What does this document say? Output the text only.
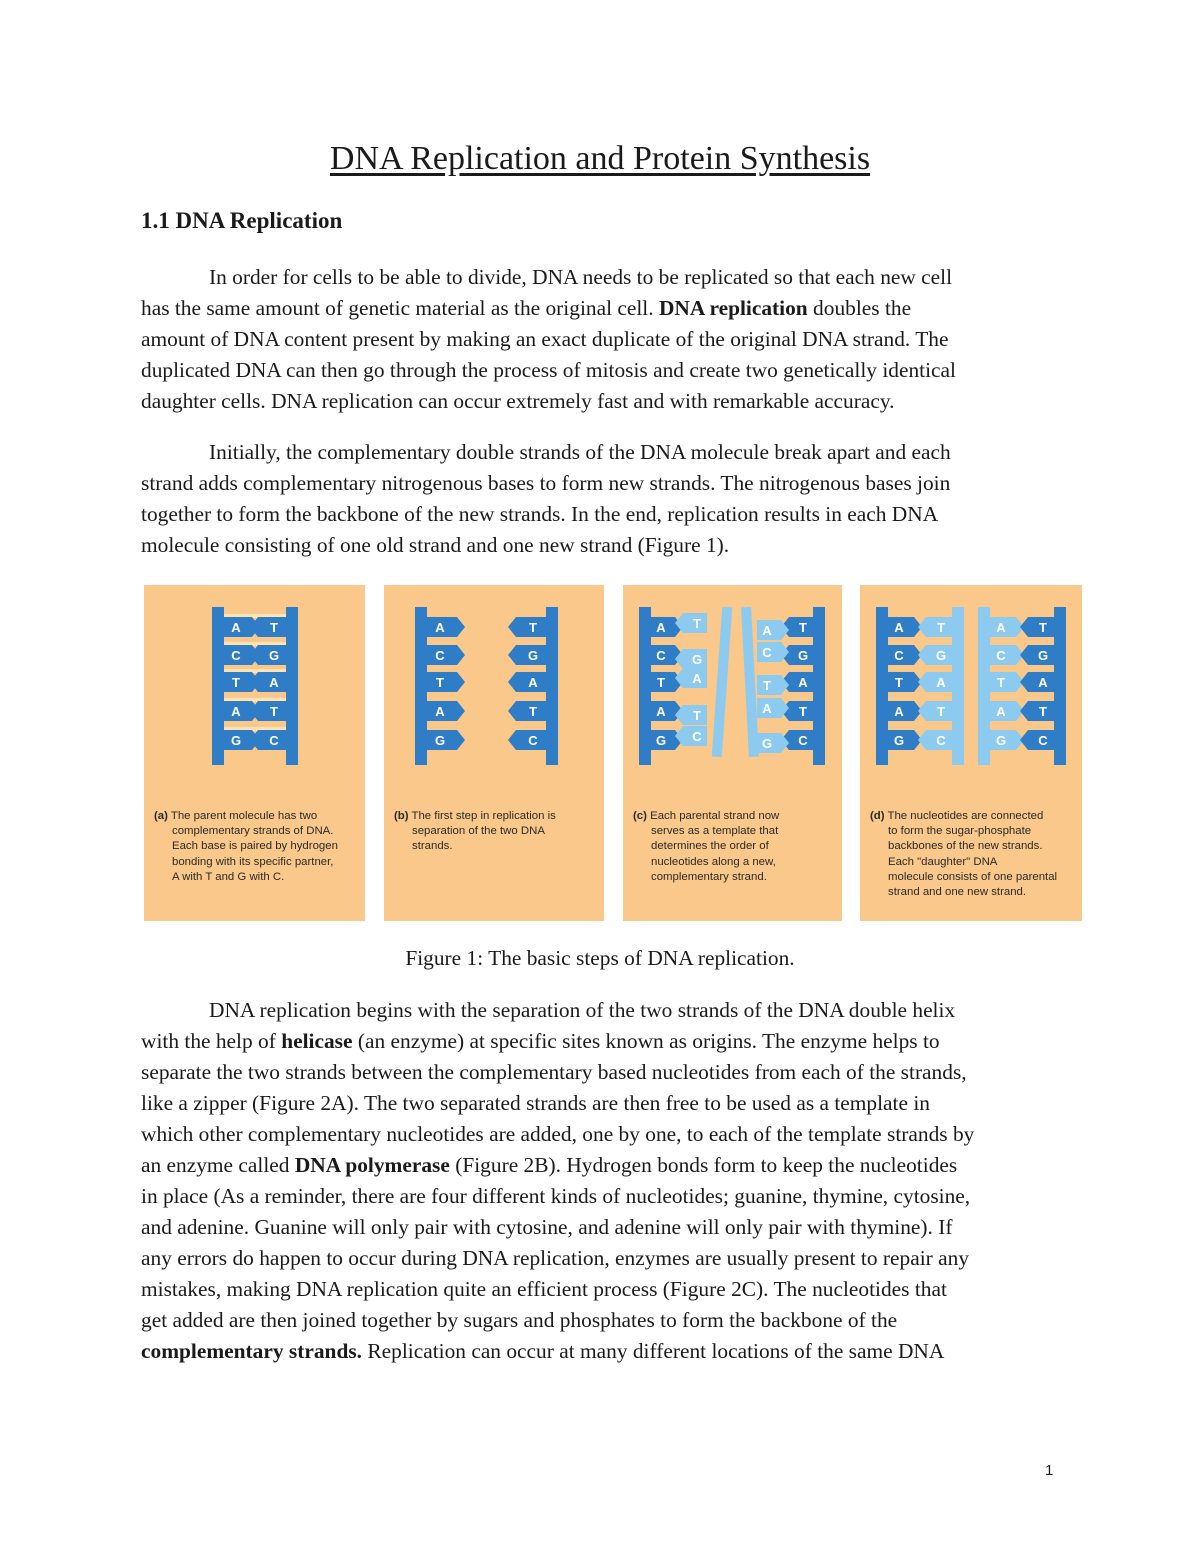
DNA Replication and Protein Synthesis
1.1 DNA Replication

In order for cells to be able to divide, DNA needs to be replicated so that each new cell
has the same amount of genetic material as the original cell. DNA replication doubles the
amount of DNA content present by making an exact duplicate of the original DNA strand. The
duplicated DNA can then go through the process of mitosis and create two genetically identical
daughter cells. DNA replication can occur extremely fast and with remarkable accuracy.

Initially, the complementary double strands of the DNA molecule break apart and each
strand adds complementary nitrogenous bases to form new strands. The nitrogenous bases join
together to form the backbone of the new strands. In the end, replication results in each DNA
molecule consisting of one old strand and one new strand (Figure 1).

A T
C G
T A
A T
G C
(a) The parent molecule has two
complementary strands of DNA.
Each base is paired by hydrogen
bonding with its specific partner,
A with T and G with C.
A	T
C	G
T	A
A	T
G	C
(b) The first step in replication is
separation of the two DNA
strands.
A T	T
A
C G	G
C
T A	A
T
A T	T
A
G C	C
G
(c) Each parental strand now
serves as a template that
determines the order of
nucleotides along a new,
complementary strand.
A	T	A	T
C G	C G
T	A	T	A
A	T	A	T
G C	G C
(d) The nucleotides are connected
to form the sugar-phosphate
backbones of the new strands.
Each "daughter" DNA
molecule consists of one parental
strand and one new strand.

Figure 1: The basic steps of DNA replication.

DNA replication begins with the separation of the two strands of the DNA double helix
with the help of helicase (an enzyme) at specific sites known as origins. The enzyme helps to
separate the two strands between the complementary based nucleotides from each of the strands,
like a zipper (Figure 2A). The two separated strands are then free to be used as a template in
which other complementary nucleotides are added, one by one, to each of the template strands by
an enzyme called DNA polymerase (Figure 2B). Hydrogen bonds form to keep the nucleotides
in place (As a reminder, there are four different kinds of nucleotides; guanine, thymine, cytosine,
and adenine. Guanine will only pair with cytosine, and adenine will only pair with thymine). If
any errors do happen to occur during DNA replication, enzymes are usually present to repair any
mistakes, making DNA replication quite an efficient process (Figure 2C). The nucleotides that
get added are then joined together by sugars and phosphates to form the backbone of the
complementary strands. Replication can occur at many different locations of the same DNA

1
